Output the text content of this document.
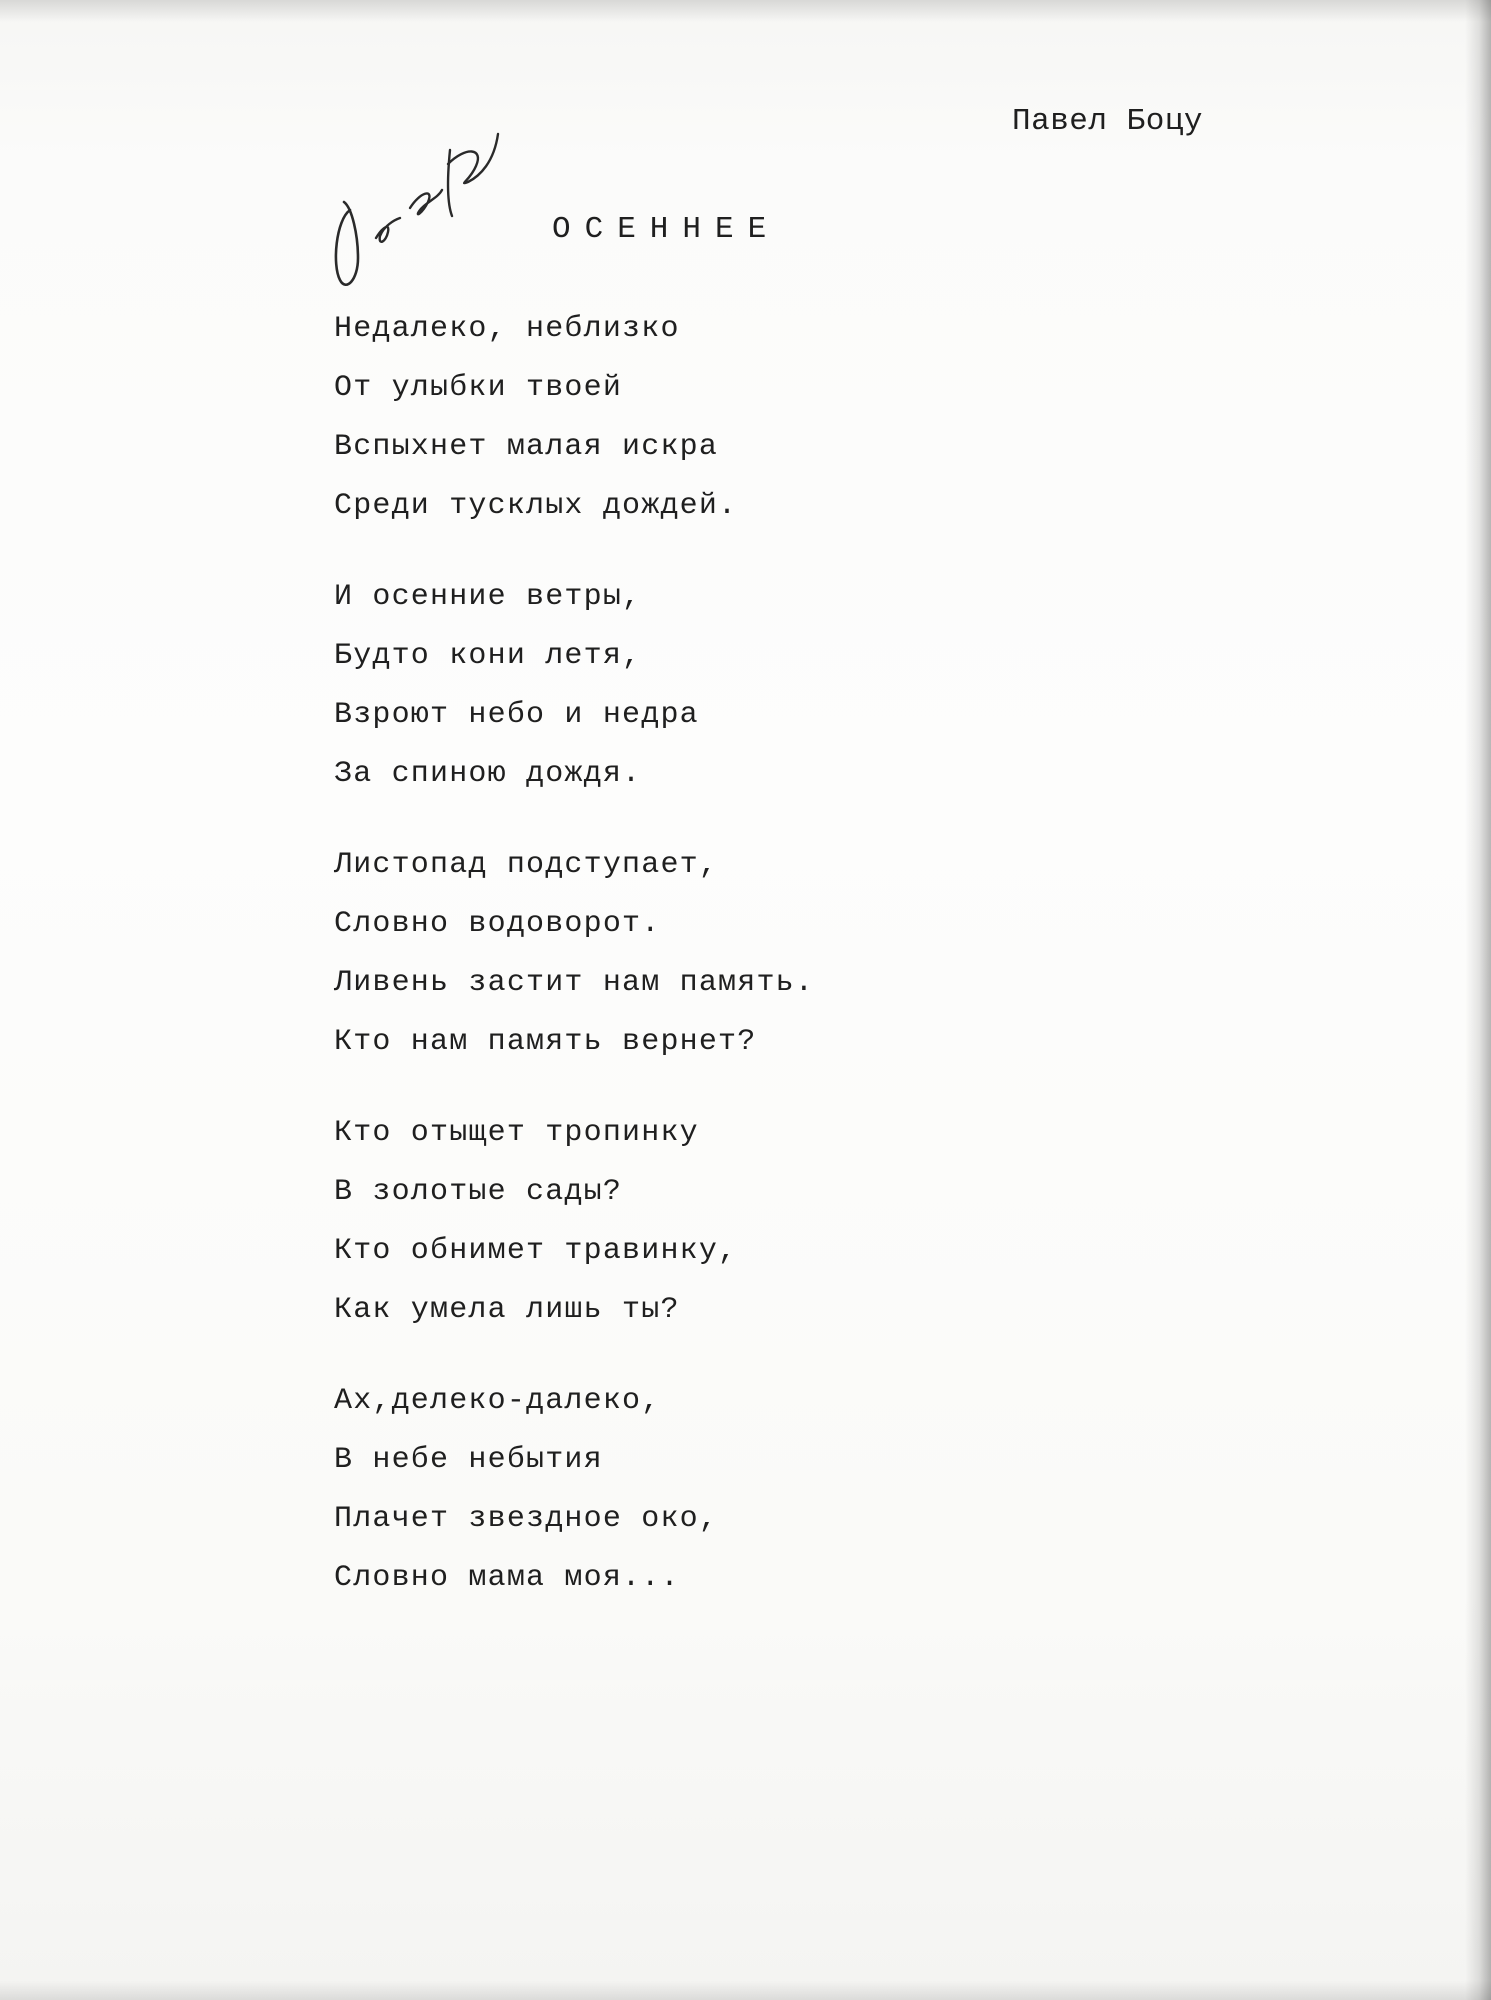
Павел Боцу
ОСЕННЕЕ
Недалеко, неблизко
От улыбки твоей
Вспыхнет малая искра
Среди тусклых дождей.
И осенние ветры,
Будто кони летя,
Взроют небо и недра
За спиною дождя.
Листопад подступает,
Словно водоворот.
Ливень застит нам память.
Кто нам память вернет?
Кто отыщет тропинку
В золотые сады?
Кто обнимет травинку,
Как умела лишь ты?
Ах,делеко-далеко,
В небе небытия
Плачет звездное око,
Словно мама моя...
